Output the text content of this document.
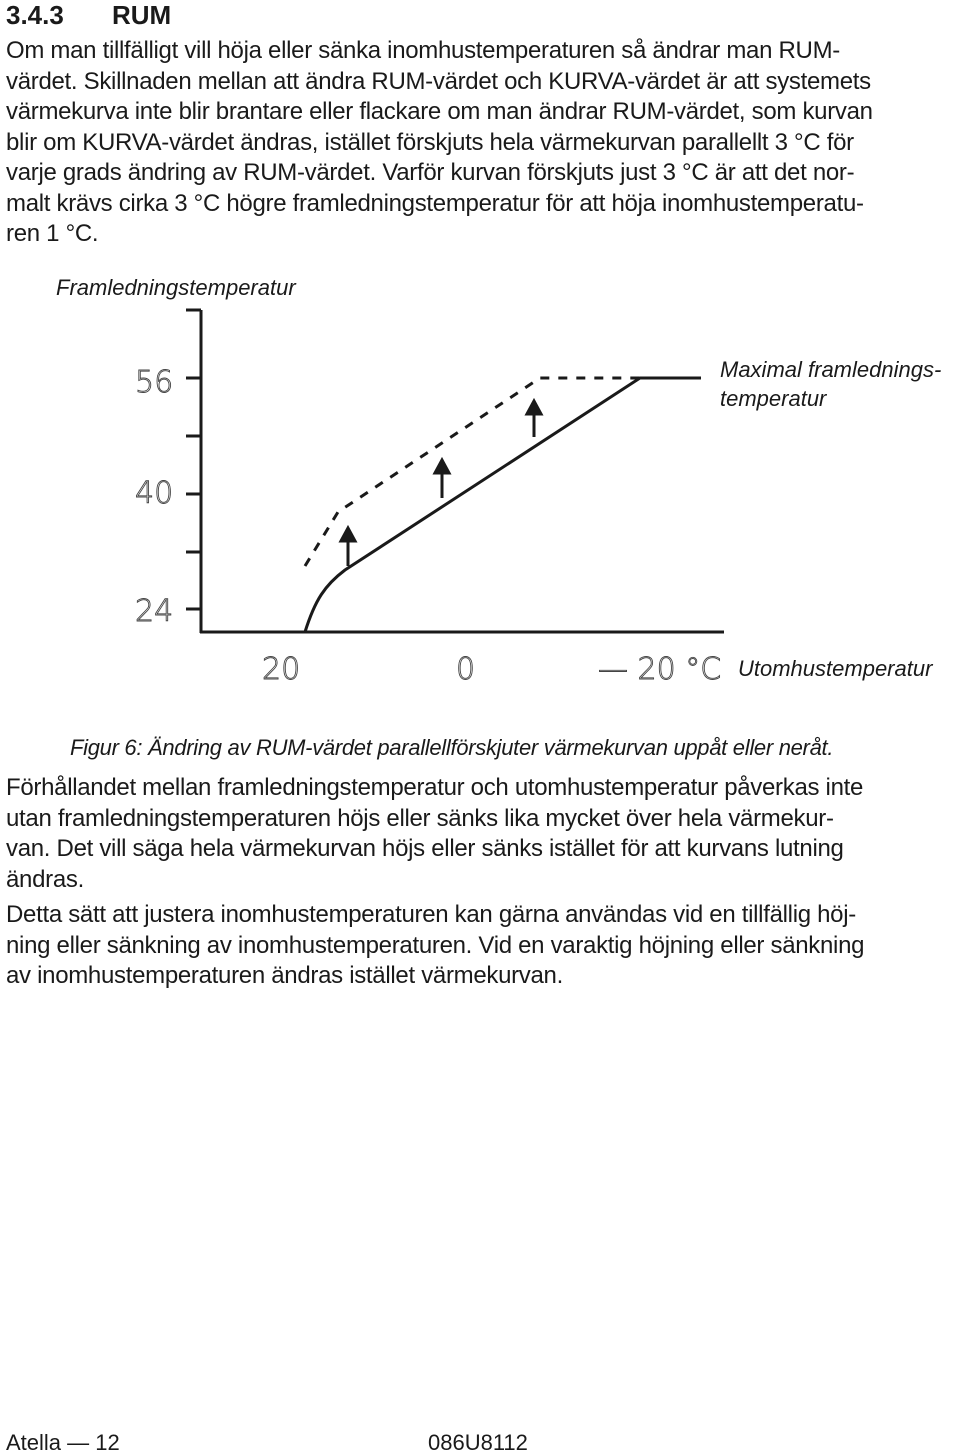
3.4.3 RUM

Om man tillfälligt vill höja eller sänka inomhustemperaturen så ändrar man RUM-
värdet. Skillnaden mellan att ändra RUM-värdet och KURVA-värdet är att systemets
värmekurva inte blir brantare eller flackare om man ändrar RUM-värdet, som kurvan
blir om KURVA-värdet ändras, istället förskjuts hela värmekurvan parallellt 3 °C för
varje grads ändring av RUM-värdet. Varför kurvan förskjuts just 3 °C är att det nor-
malt krävs cirka 3 °C högre framledningstemperatur för att höja inomhustemperatu-
ren 1 °C.

Framledningstemperatur
56
40
24
20	0	— 20 °C
Maximal framlednings-
temperatur
Utomhustemperatur

Figur 6: Ändring av RUM-värdet parallellförskjuter värmekurvan uppåt eller neråt.

Förhållandet mellan framledningstemperatur och utomhustemperatur påverkas inte
utan framledningstemperaturen höjs eller sänks lika mycket över hela värmekur-
van. Det vill säga hela värmekurvan höjs eller sänks istället för att kurvans lutning
ändras.

Detta sätt att justera inomhustemperaturen kan gärna användas vid en tillfällig höj-
ning eller sänkning av inomhustemperaturen. Vid en varaktig höjning eller sänkning
av inomhustemperaturen ändras istället värmekurvan.

Atella — 12	086U8112
